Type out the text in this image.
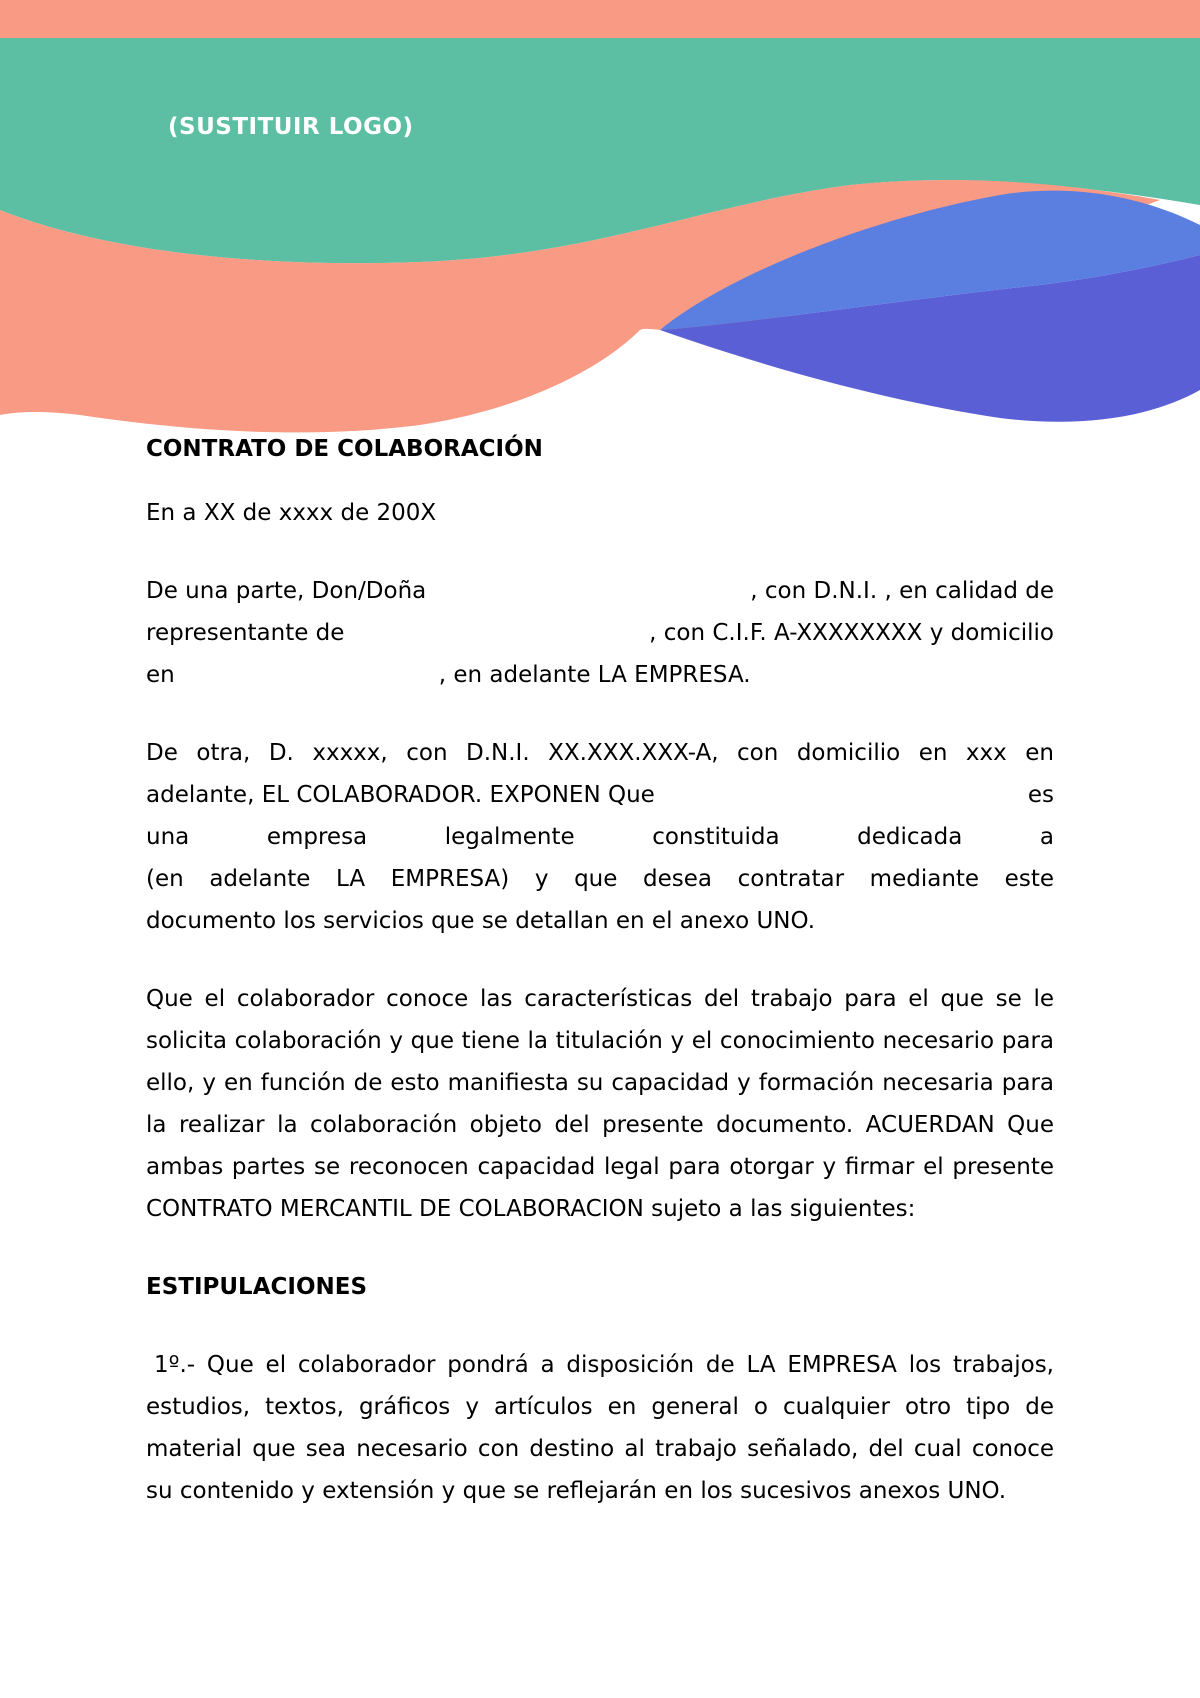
(SUSTITUIR LOGO)

CONTRATO DE COLABORACIÓN

En a XX de xxxx de 200X

De una parte, Don/Doña	, con D.N.I. , en calidad de
representante de	, con C.I.F. A-XXXXXXXX y domicilio
en	, en adelante LA EMPRESA.

De otra, D. xxxxx, con D.N.I. XX.XXX.XXX-A, con domicilio en xxx en

adelante, EL COLABORADOR. EXPONEN Que	es

una empresa legalmente constituida dedicada a

(en adelante LA EMPRESA) y que desea contratar mediante este

documento los servicios que se detallan en el anexo UNO.

Que el colaborador conoce las características del trabajo para el que se le solicita colaboración y que tiene la titulación y el conocimiento necesario para ello, y en función de esto manifiesta su capacidad y formación necesaria para la realizar la colaboración objeto del presente documento. ACUERDAN Que ambas partes se reconocen capacidad legal para otorgar y firmar el presente CONTRATO MERCANTIL DE COLABORACION sujeto a las siguientes:

ESTIPULACIONES

1º.- Que el colaborador pondrá a disposición de LA EMPRESA los trabajos, estudios, textos, gráficos y artículos en general o cualquier otro tipo de material que sea necesario con destino al trabajo señalado, del cual conoce su contenido y extensión y que se reflejarán en los sucesivos anexos UNO.
